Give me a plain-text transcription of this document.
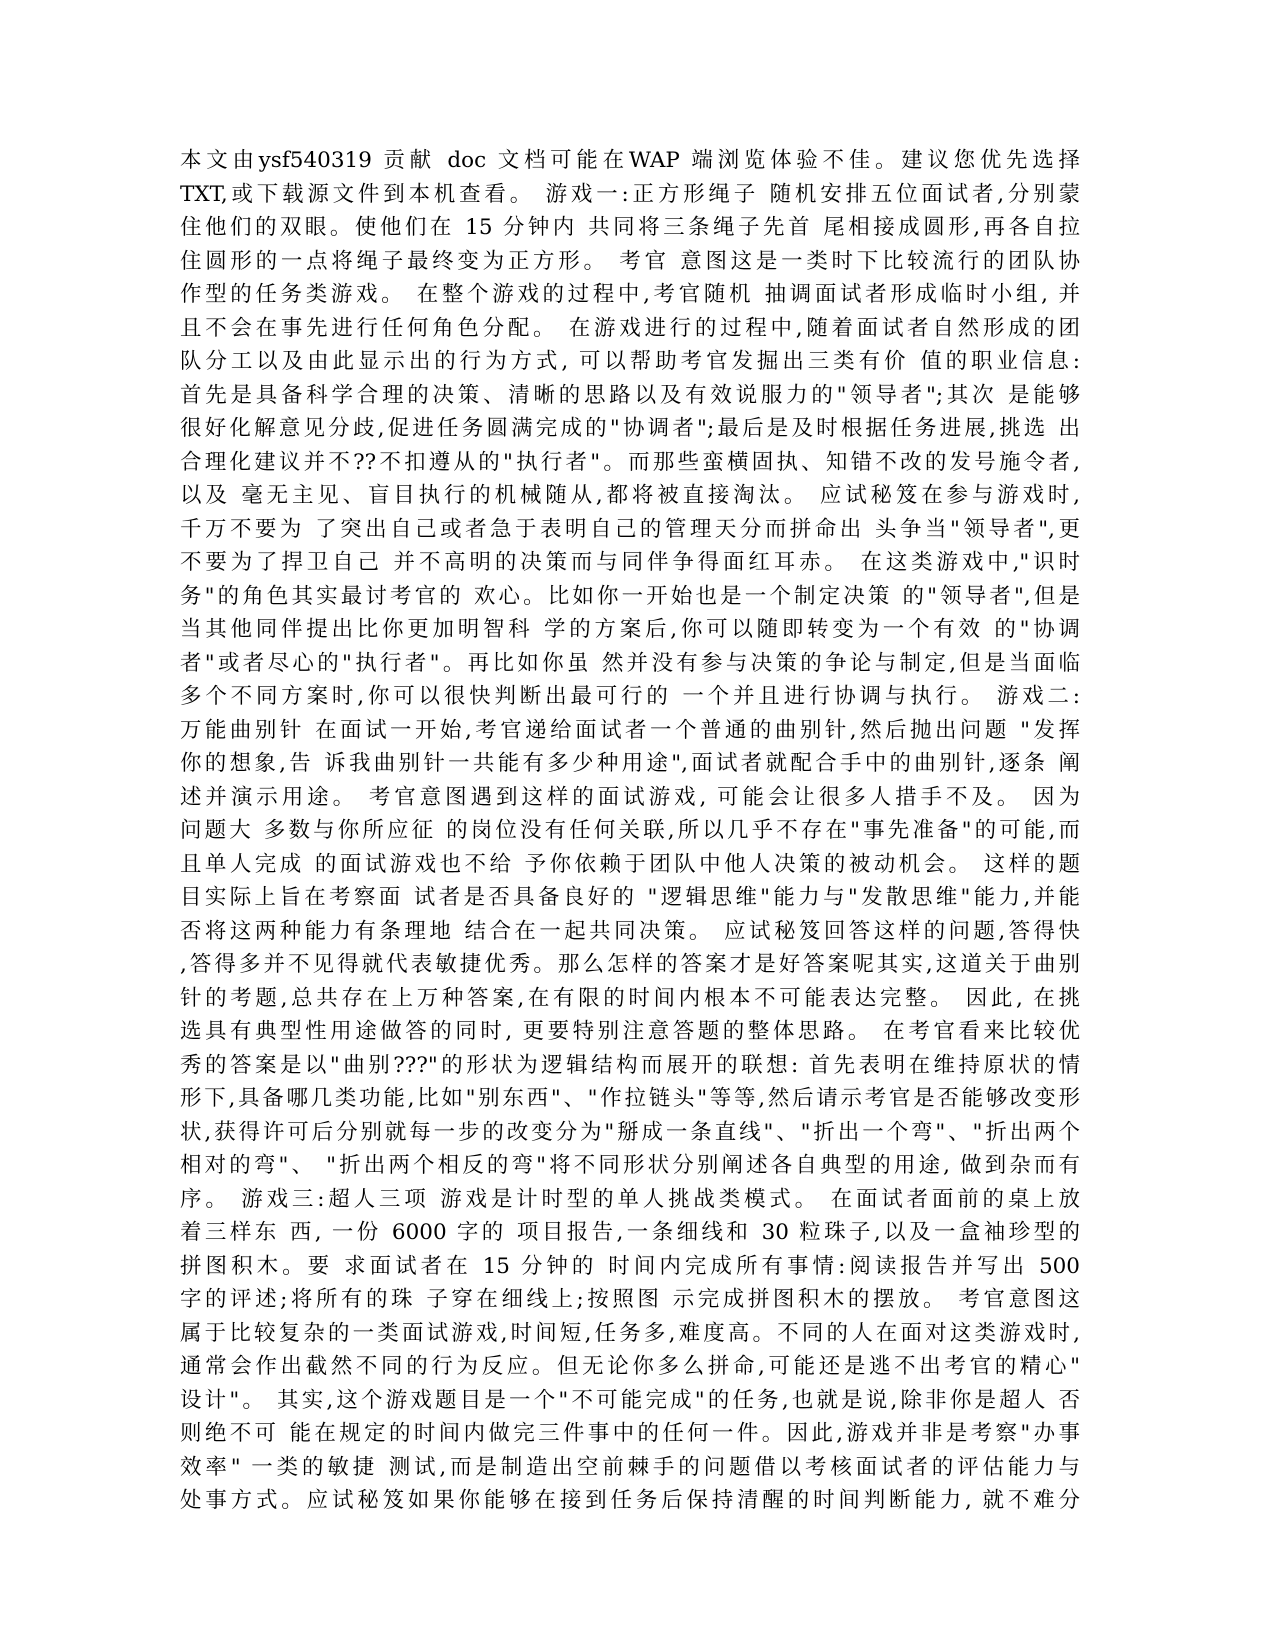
本文由ysf540319 贡献 doc 文档可能在WAP 端浏览体验不佳。建议您优先选择
TXT,或下载源文件到本机查看。 游戏一:正方形绳子 随机安排五位面试者,分别蒙
住他们的双眼。使他们在 15 分钟内 共同将三条绳子先首 尾相接成圆形,再各自拉
住圆形的一点将绳子最终变为正方形。 考官 意图这是一类时下比较流行的团队协
作型的任务类游戏。 在整个游戏的过程中,考官随机 抽调面试者形成临时小组, 并
且不会在事先进行任何角色分配。 在游戏进行的过程中,随着面试者自然形成的团
队分工以及由此显示出的行为方式, 可以帮助考官发掘出三类有价 值的职业信息:
首先是具备科学合理的决策、清晰的思路以及有效说服力的"领导者";其次 是能够
很好化解意见分歧,促进任务圆满完成的"协调者";最后是及时根据任务进展,挑选 出
合理化建议并不??不扣遵从的"执行者"。而那些蛮横固执、知错不改的发号施令者,
以及 毫无主见、盲目执行的机械随从,都将被直接淘汰。 应试秘笈在参与游戏时,
千万不要为 了突出自己或者急于表明自己的管理天分而拼命出 头争当"领导者",更
不要为了捍卫自己 并不高明的决策而与同伴争得面红耳赤。 在这类游戏中,"识时
务"的角色其实最讨考官的 欢心。比如你一开始也是一个制定决策 的"领导者",但是
当其他同伴提出比你更加明智科 学的方案后,你可以随即转变为一个有效 的"协调
者"或者尽心的"执行者"。再比如你虽 然并没有参与决策的争论与制定,但是当面临
多个不同方案时,你可以很快判断出最可行的 一个并且进行协调与执行。 游戏二:
万能曲别针 在面试一开始,考官递给面试者一个普通的曲别针,然后抛出问题 "发挥
你的想象,告 诉我曲别针一共能有多少种用途",面试者就配合手中的曲别针,逐条 阐
述并演示用途。 考官意图遇到这样的面试游戏, 可能会让很多人措手不及。 因为
问题大 多数与你所应征 的岗位没有任何关联,所以几乎不存在"事先准备"的可能,而
且单人完成 的面试游戏也不给 予你依赖于团队中他人决策的被动机会。 这样的题
目实际上旨在考察面 试者是否具备良好的 "逻辑思维"能力与"发散思维"能力,并能
否将这两种能力有条理地 结合在一起共同决策。 应试秘笈回答这样的问题,答得快
,答得多并不见得就代表敏捷优秀。那么怎样的答案才是好答案呢其实,这道关于曲别
针的考题,总共存在上万种答案,在有限的时间内根本不可能表达完整。 因此, 在挑
选具有典型性用途做答的同时, 更要特别注意答题的整体思路。 在考官看来比较优
秀的答案是以"曲别???"的形状为逻辑结构而展开的联想: 首先表明在维持原状的情
形下,具备哪几类功能,比如"别东西"、"作拉链头"等等,然后请示考官是否能够改变形
状,获得许可后分别就每一步的改变分为"掰成一条直线"、"折出一个弯"、"折出两个
相对的弯"、 "折出两个相反的弯"将不同形状分别阐述各自典型的用途, 做到杂而有
序。 游戏三:超人三项 游戏是计时型的单人挑战类模式。 在面试者面前的桌上放
着三样东 西, 一份 6000 字的 项目报告,一条细线和 30 粒珠子,以及一盒袖珍型的
拼图积木。要 求面试者在 15 分钟的 时间内完成所有事情:阅读报告并写出 500
字的评述;将所有的珠 子穿在细线上;按照图 示完成拼图积木的摆放。 考官意图这
属于比较复杂的一类面试游戏,时间短,任务多,难度高。不同的人在面对这类游戏时,
通常会作出截然不同的行为反应。但无论你多么拼命,可能还是逃不出考官的精心"
设计"。 其实,这个游戏题目是一个"不可能完成"的任务,也就是说,除非你是超人 否
则绝不可 能在规定的时间内做完三件事中的任何一件。因此,游戏并非是考察"办事
效率" 一类的敏捷 测试,而是制造出空前棘手的问题借以考核面试者的评估能力与
处事方式。应试秘笈如果你能够在接到任务后保持清醒的时间判断能力, 就不难分
